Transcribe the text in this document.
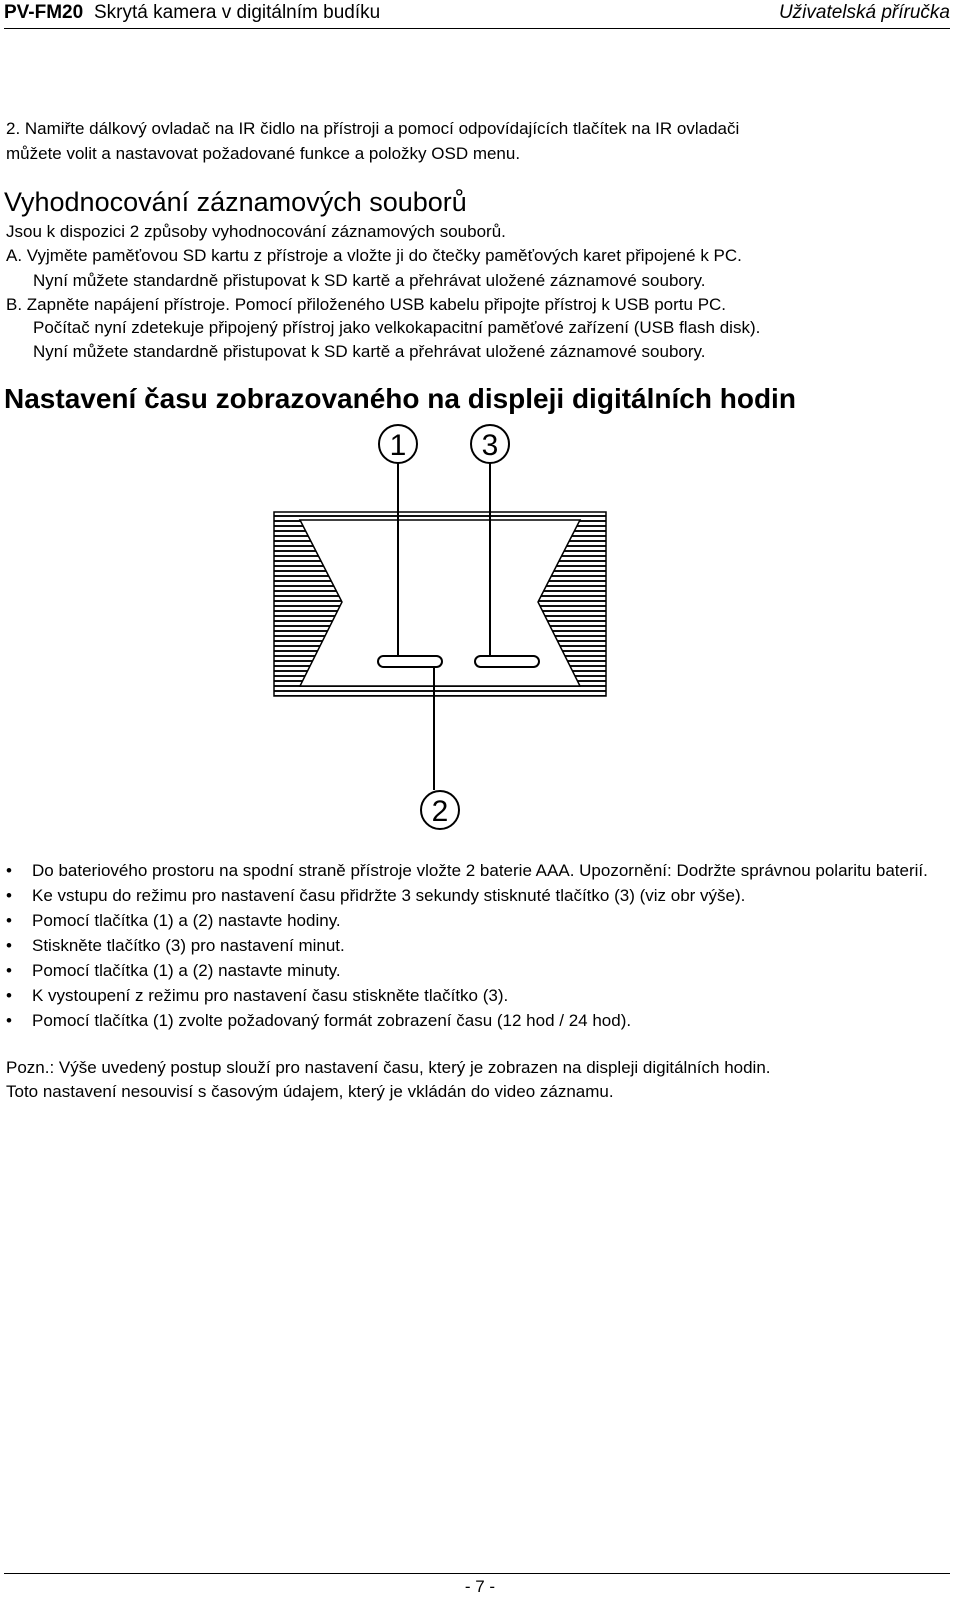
PV-FM20 Skrytá kamera v digitálním budíku	Uživatelská příručka
2. Namiřte dálkový ovladač na IR čidlo na přístroji a pomocí odpovídajících tlačítek na IR ovladači
můžete volit a nastavovat požadované funkce a položky OSD menu.
Vyhodnocování záznamových souborů
Jsou k dispozici 2 způsoby vyhodnocování záznamových souborů.
A. Vyjměte paměťovou SD kartu z přístroje a vložte ji do čtečky paměťových karet připojené k PC.
Nyní můžete standardně přistupovat k SD kartě a přehrávat uložené záznamové soubory.
B. Zapněte napájení přístroje. Pomocí přiloženého USB kabelu připojte přístroj k USB portu PC.
Počítač nyní zdetekuje připojený přístroj jako velkokapacitní paměťové zařízení (USB flash disk).
Nyní můžete standardně přistupovat k SD kartě a přehrávat uložené záznamové soubory.
Nastavení času zobrazovaného na displeji digitálních hodin
1	3
2
• Do bateriového prostoru na spodní straně přístroje vložte 2 baterie AAA. Upozornění: Dodržte správnou polaritu baterií.
• Ke vstupu do režimu pro nastavení času přidržte 3 sekundy stisknuté tlačítko (3) (viz obr výše).
• Pomocí tlačítka (1) a (2) nastavte hodiny.
• Stiskněte tlačítko (3) pro nastavení minut.
• Pomocí tlačítka (1) a (2) nastavte minuty.
• K vystoupení z režimu pro nastavení času stiskněte tlačítko (3).
• Pomocí tlačítka (1) zvolte požadovaný formát zobrazení času (12 hod / 24 hod).
Pozn.: Výše uvedený postup slouží pro nastavení času, který je zobrazen na displeji digitálních hodin.
Toto nastavení nesouvisí s časovým údajem, který je vkládán do video záznamu.
- 7 -
